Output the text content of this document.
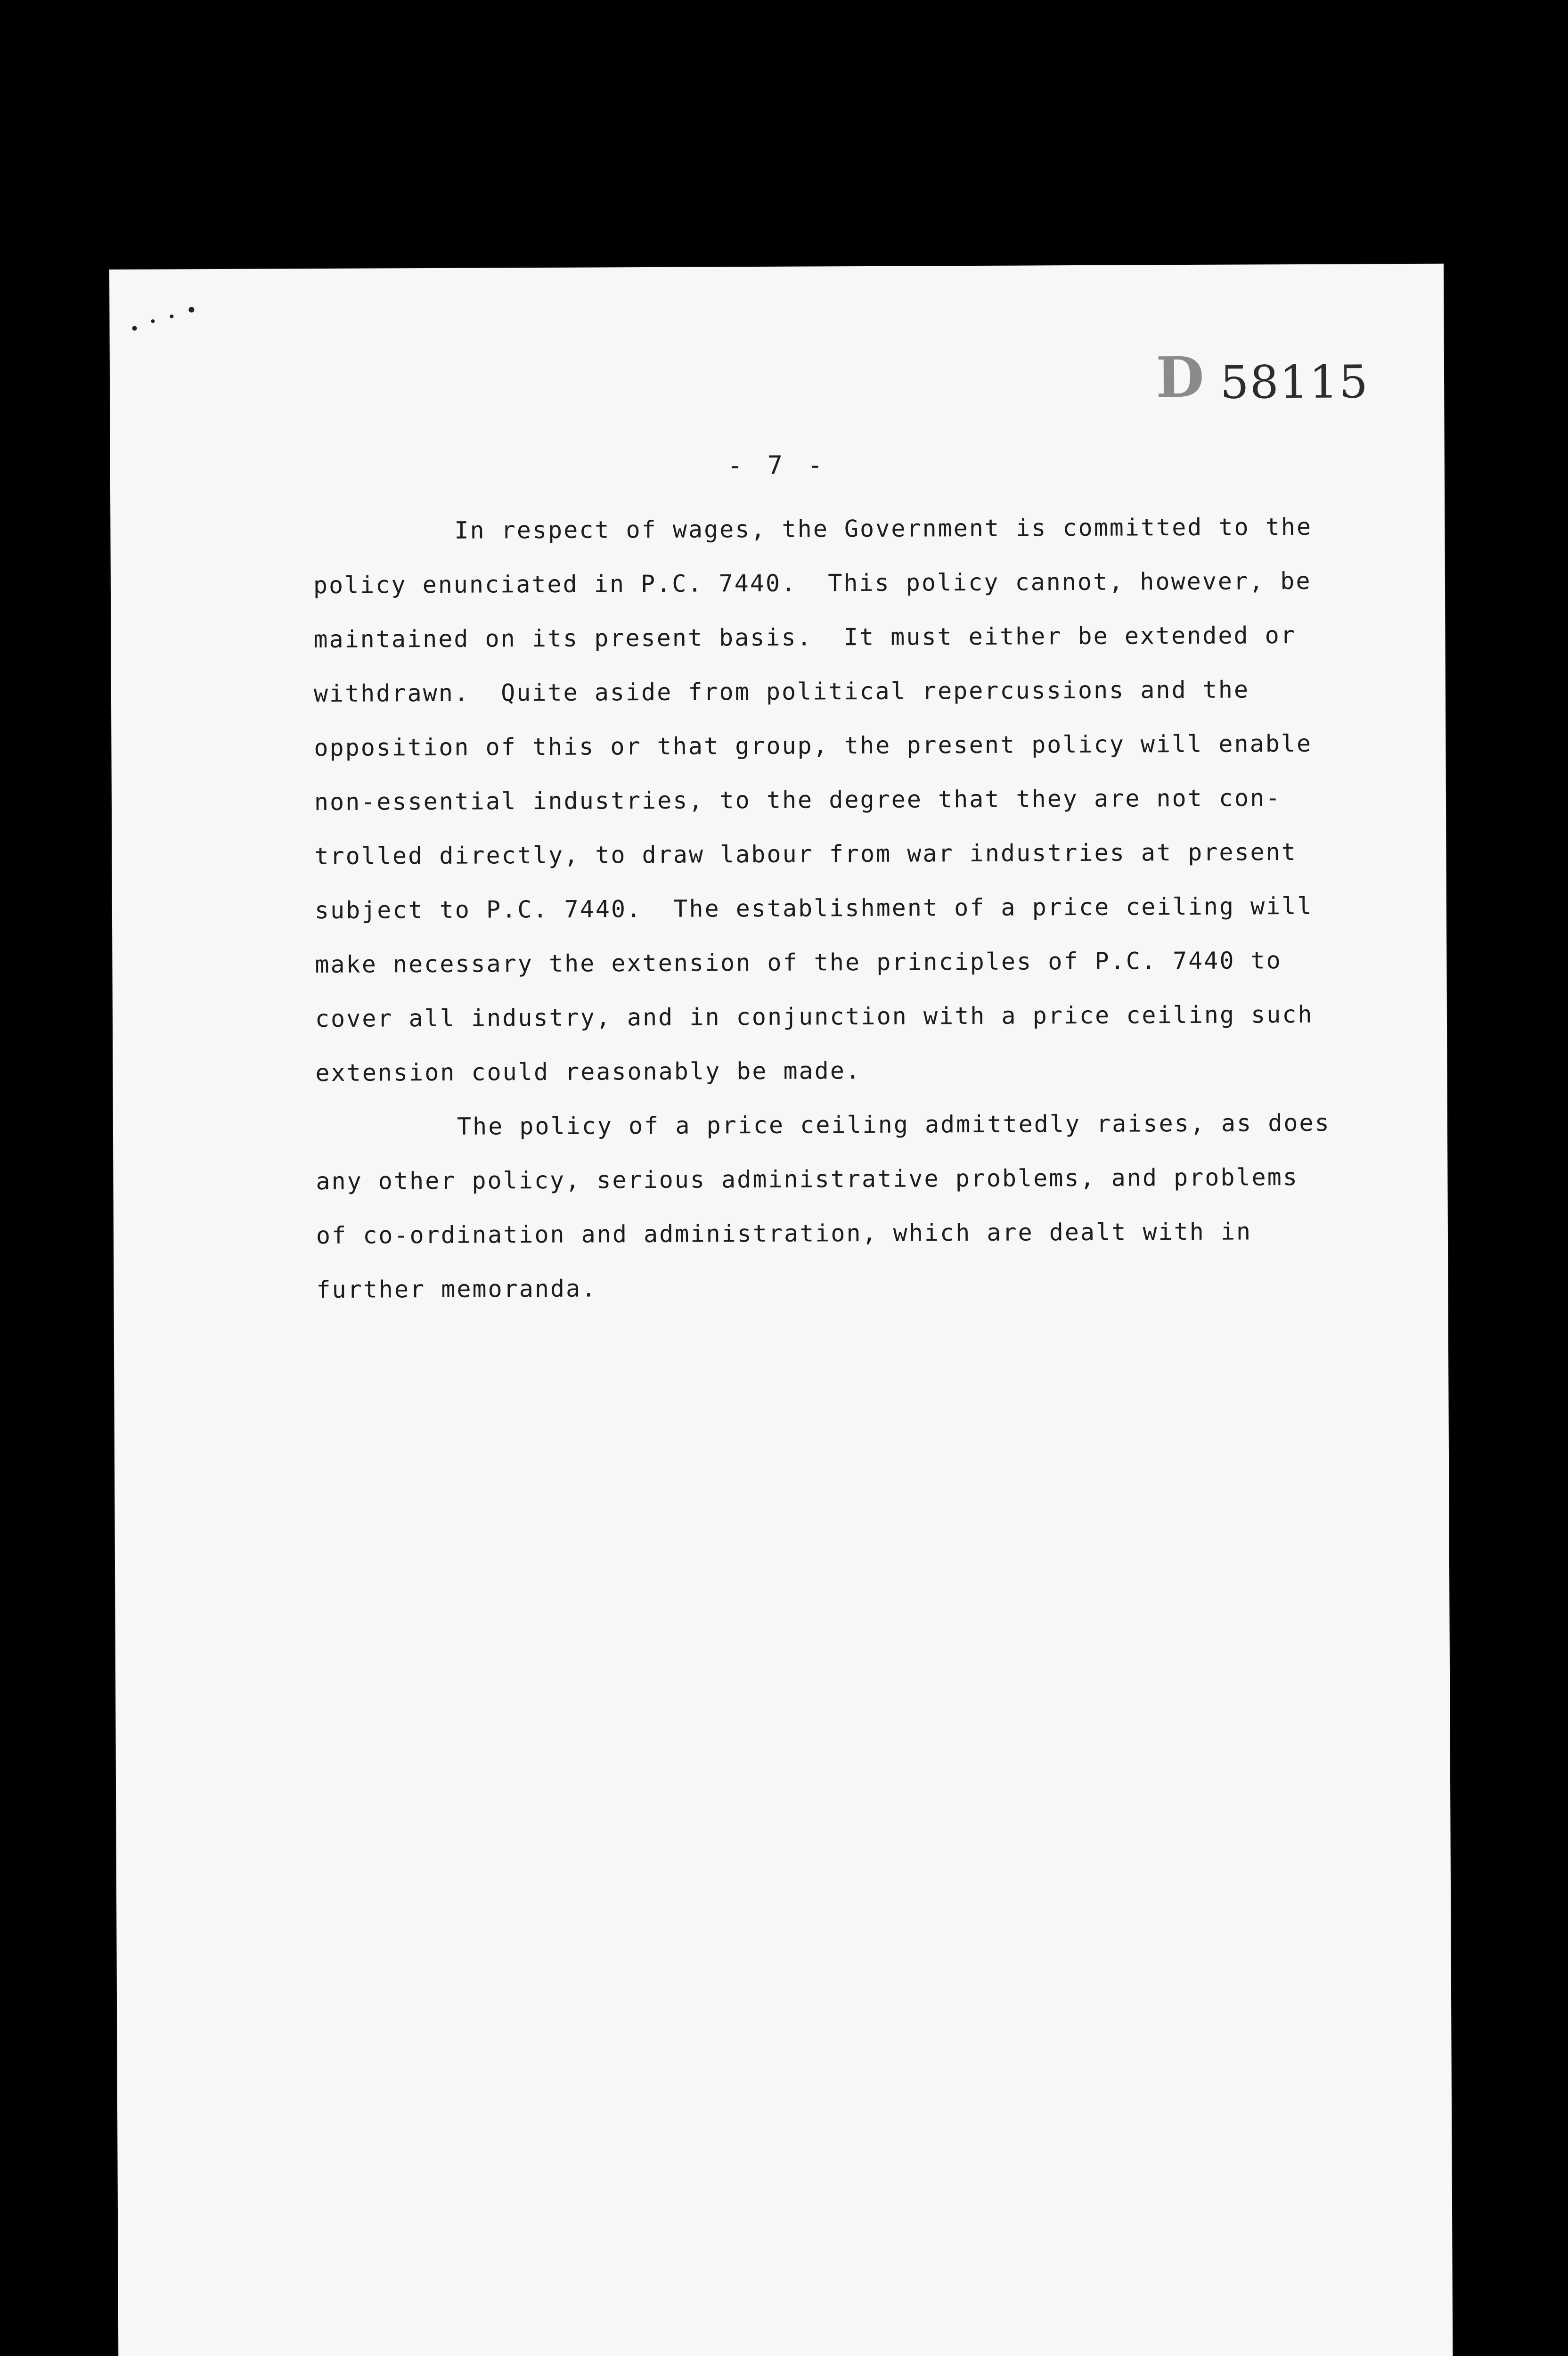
D 58115
- 7 -
In respect of wages, the Government is committed to the
policy enunciated in P.C. 7440.  This policy cannot, however, be
maintained on its present basis.  It must either be extended or
withdrawn.  Quite aside from political repercussions and the
opposition of this or that group, the present policy will enable
non-essential industries, to the degree that they are not con-
trolled directly, to draw labour from war industries at present
subject to P.C. 7440.  The establishment of a price ceiling will
make necessary the extension of the principles of P.C. 7440 to
cover all industry, and in conjunction with a price ceiling such
extension could reasonably be made.
The policy of a price ceiling admittedly raises, as does
any other policy, serious administrative problems, and problems
of co-ordination and administration, which are dealt with in
further memoranda.
